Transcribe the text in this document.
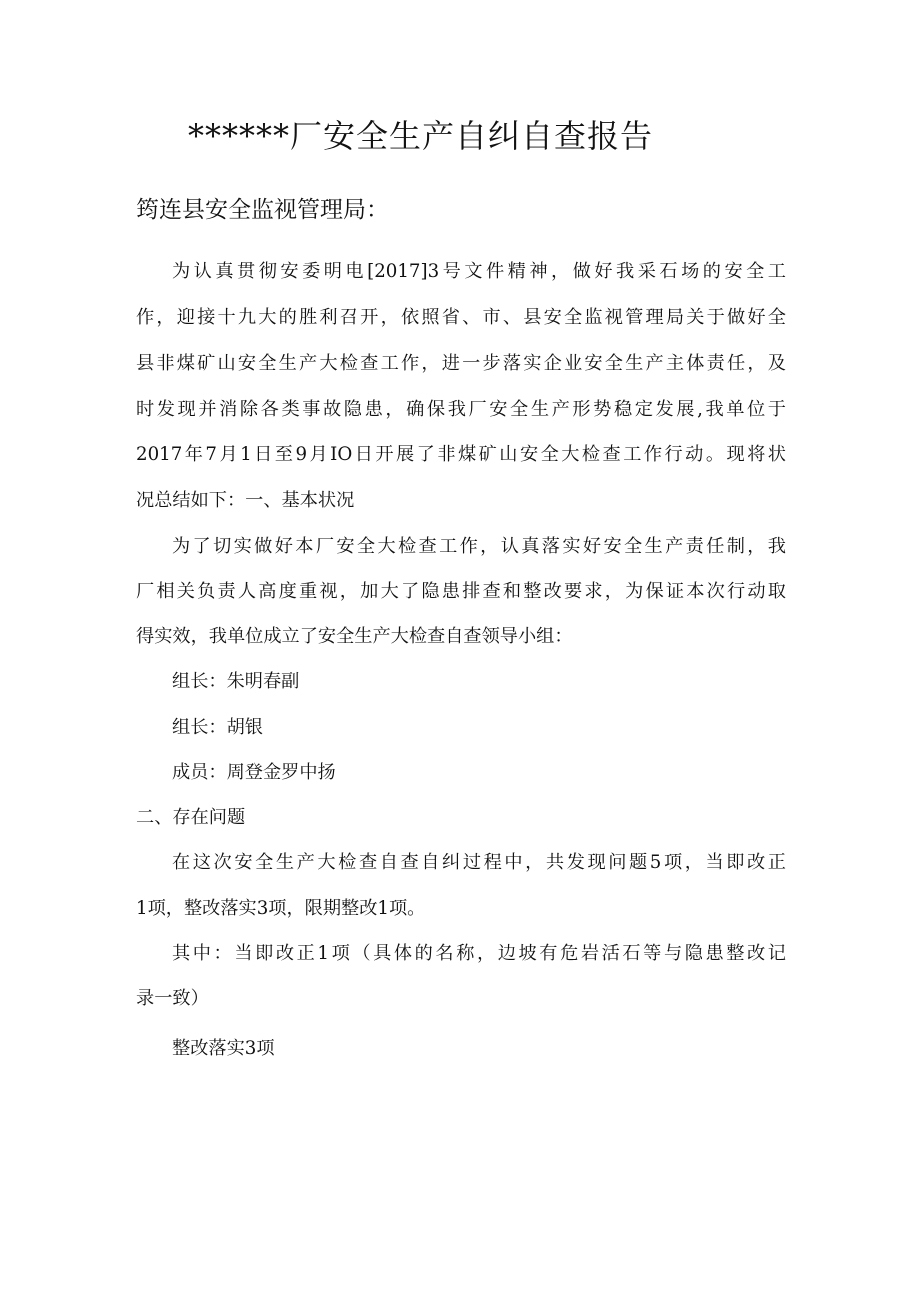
******厂安全生产自纠自查报告

筠连县安全监视管理局：

为认真贯彻安委明电[2017]3号文件精神，做好我采石场的安全工

作，迎接十九大的胜利召开，依照省、市、县安全监视管理局关于做好全

县非煤矿山安全生产大检查工作，进一步落实企业安全生产主体责任，及

时发现并消除各类事故隐患，确保我厂安全生产形势稳定发展,我单位于

2017年7月1日至9月IO日开展了非煤矿山安全大检查工作行动。现将状

况总结如下：一、基本状况

为了切实做好本厂安全大检查工作，认真落实好安全生产责任制，我

厂相关负责人高度重视，加大了隐患排查和整改要求，为保证本次行动取

得实效，我单位成立了安全生产大检查自查领导小组：

组长：朱明春副

组长：胡银

成员：周登金罗中扬

二、存在问题

在这次安全生产大检查自查自纠过程中，共发现问题5项，当即改正

1项，整改落实3项，限期整改1项。

其中：当即改正1项（具体的名称，边坡有危岩活石等与隐患整改记

录一致）

整改落实3项
